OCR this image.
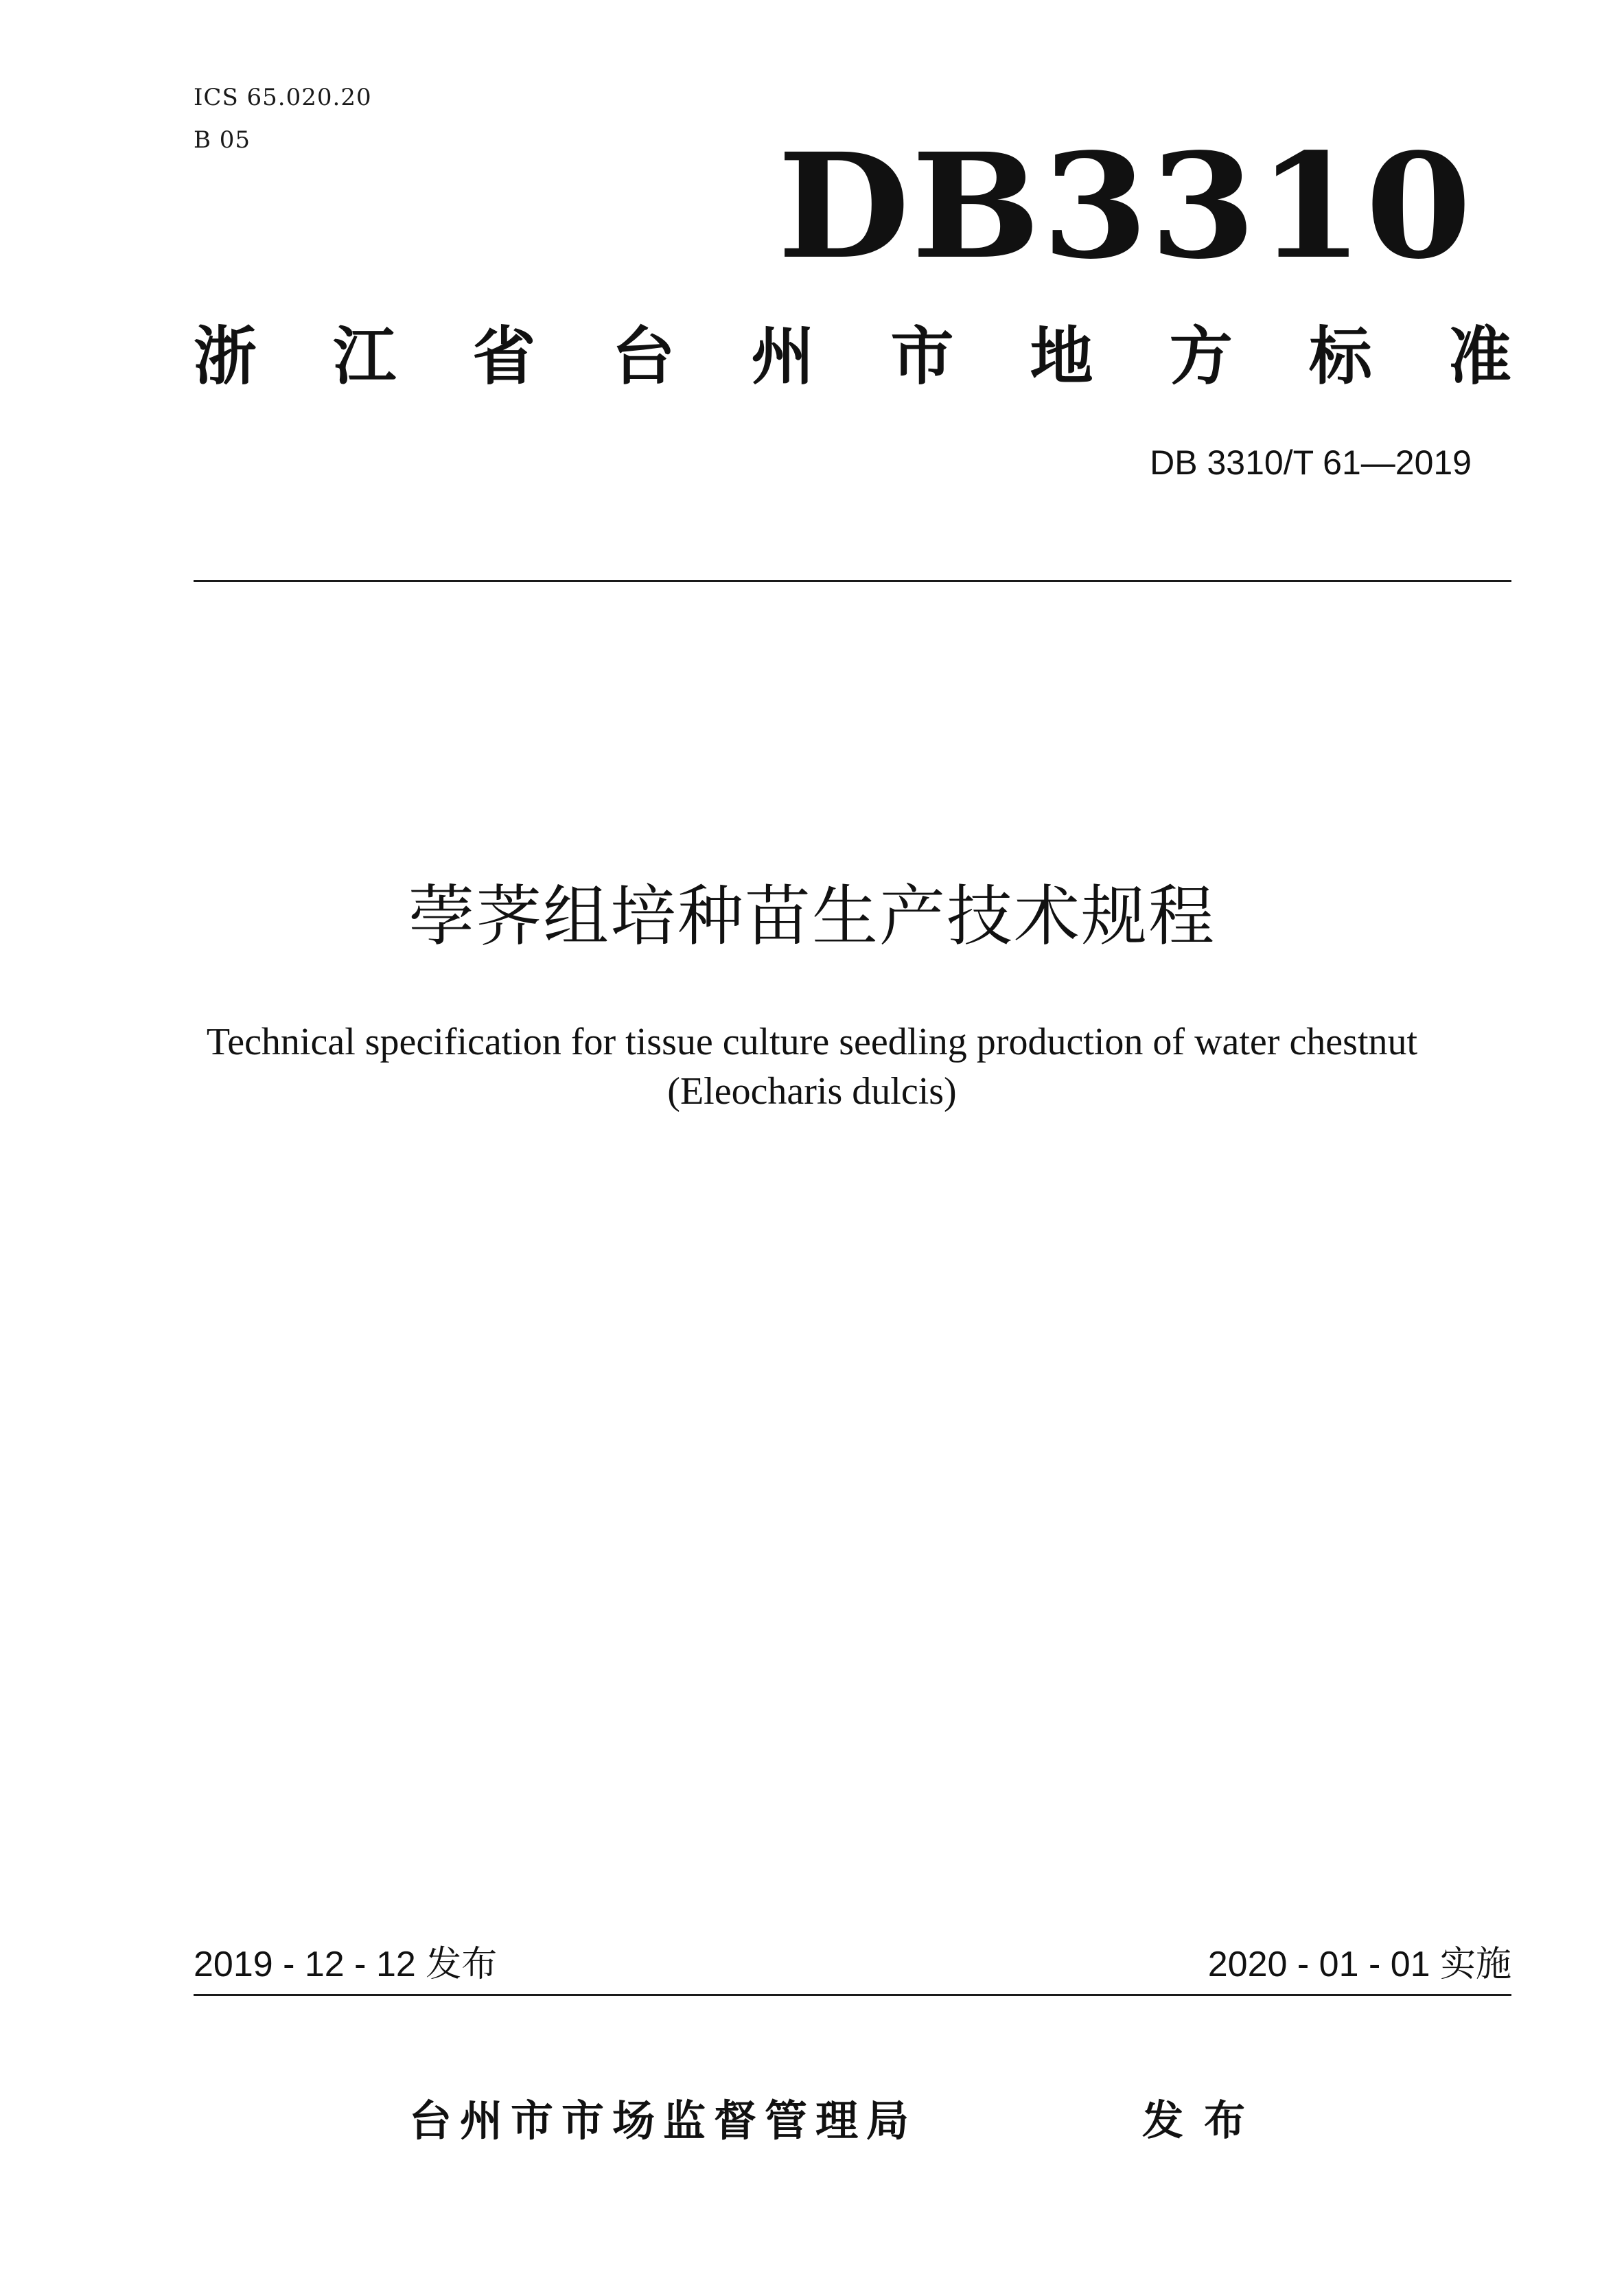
ICS 65.020.20
B 05	DB3310
浙 江 省 台 州 市 地 方 标 准
DB 3310/T 61—2019
荸荠组培种苗生产技术规程
Technical specification for tissue culture seedling production of water chestnut
(Eleocharis dulcis)
2019 - 12 - 12 发布	2020 - 01 - 01 实施
台州市市场监督管理局	发布
